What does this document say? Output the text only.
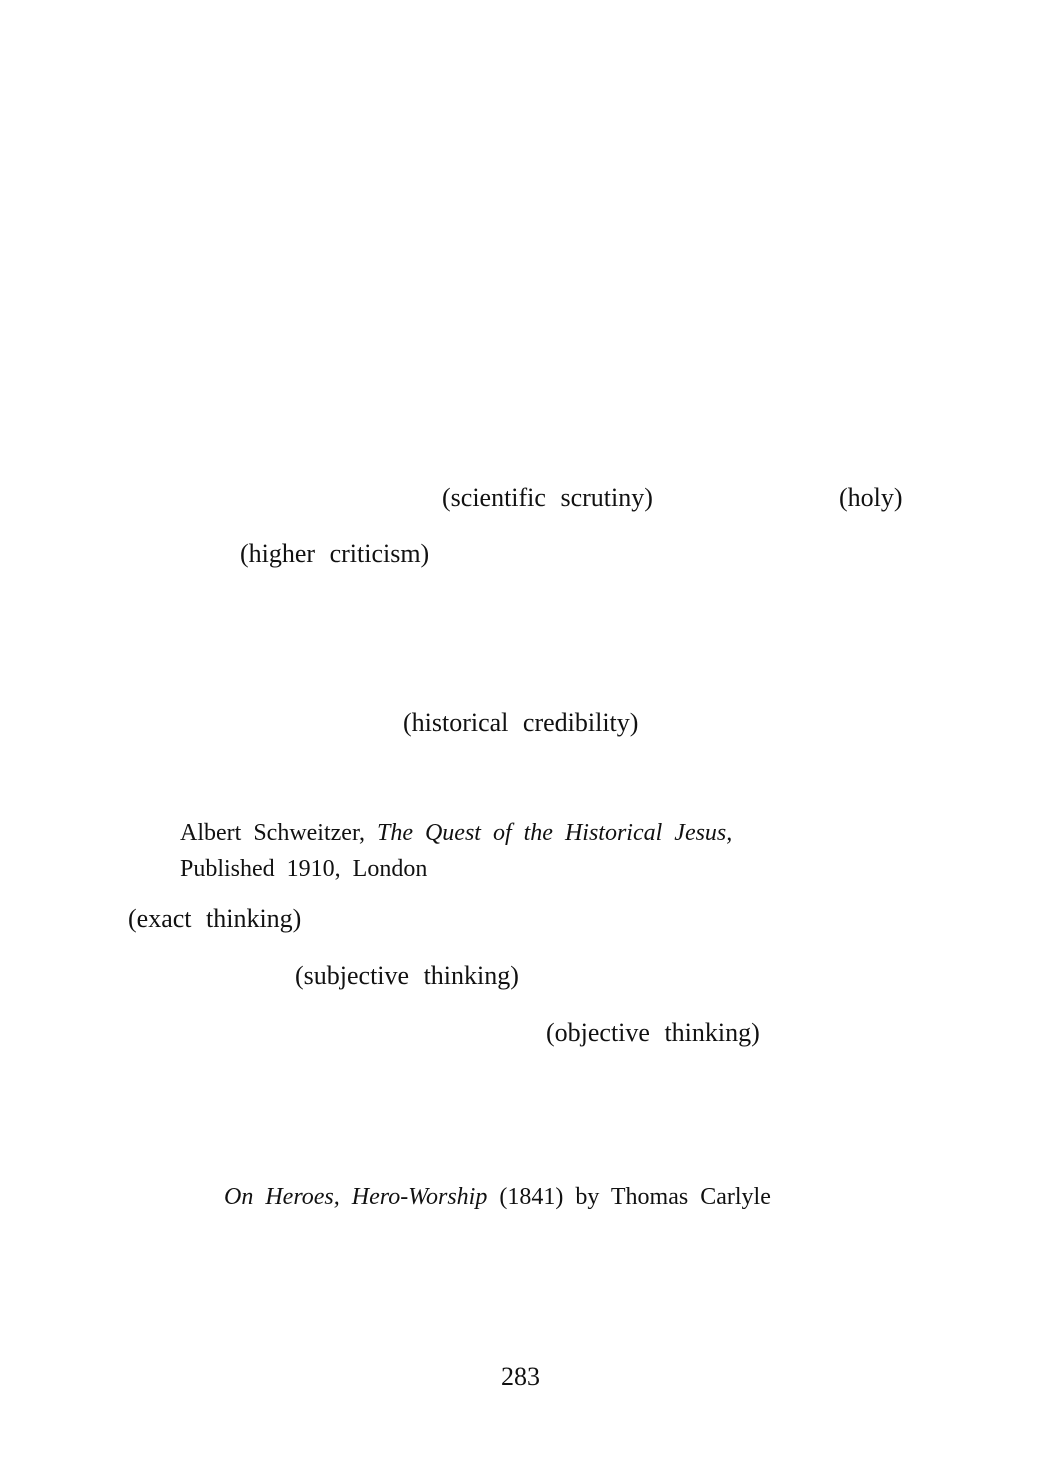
(scientific scrutiny)	(holy)
(higher criticism)
(historical credibility)
Albert Schweitzer, The Quest of the Historical Jesus,
Published 1910, London
(exact thinking)
(subjective thinking)
(objective thinking)
On Heroes, Hero-Worship (1841) by Thomas Carlyle
283
